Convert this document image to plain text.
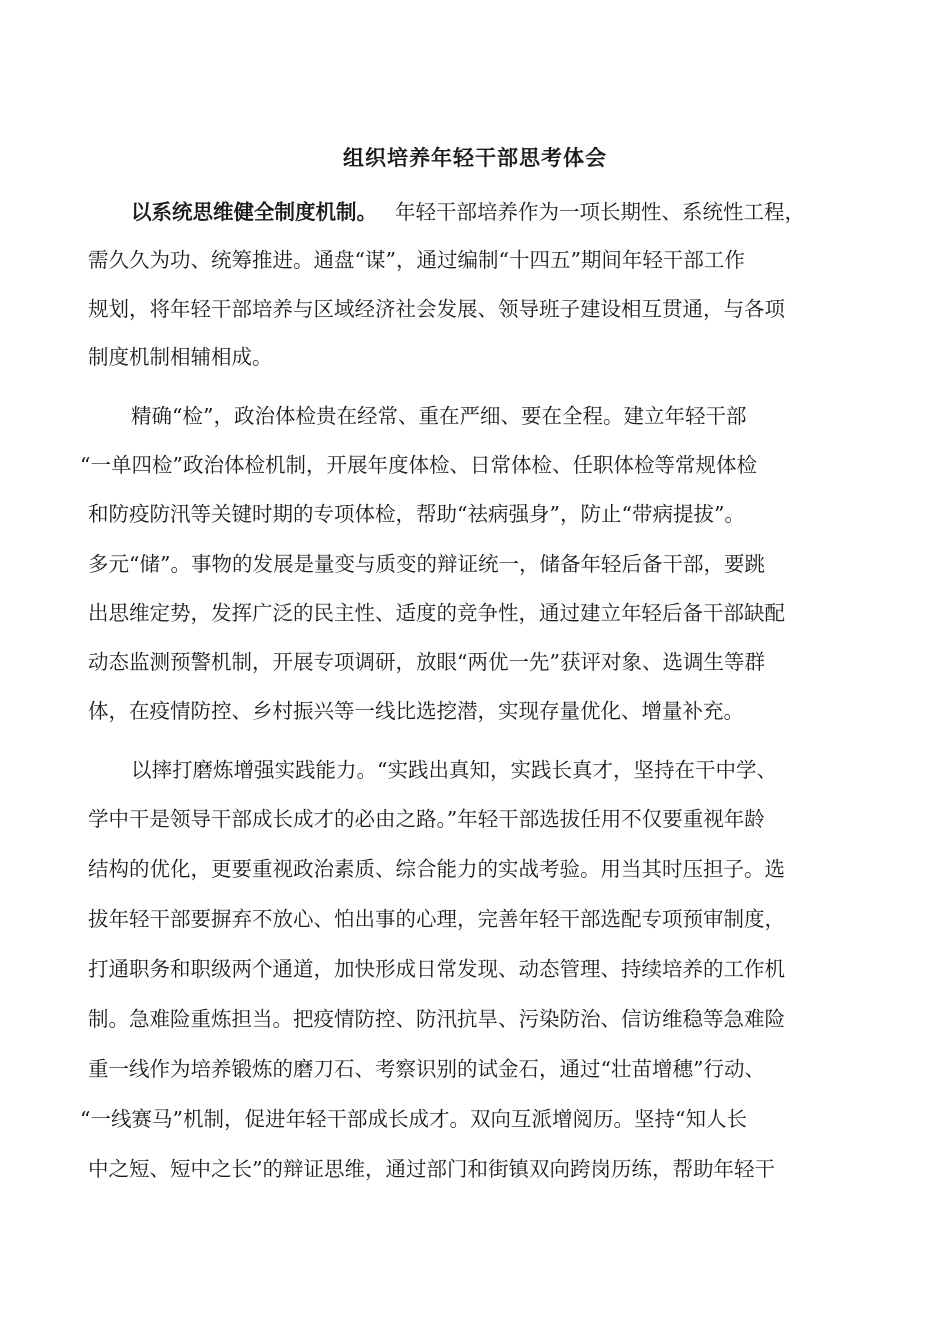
组织培养年轻干部思考体会
以系统思维健全制度机制。 年轻干部培养作为一项长期性、系统性工程，
需久久为功、统筹推进。通盘“谋”，通过编制“十四五”期间年轻干部工作
规划，将年轻干部培养与区域经济社会发展、领导班子建设相互贯通，与各项
制度机制相辅相成。
精确“检”，政治体检贵在经常、重在严细、要在全程。建立年轻干部
“一单四检”政治体检机制，开展年度体检、日常体检、任职体检等常规体检
和防疫防汛等关键时期的专项体检，帮助“祛病强身”，防止“带病提拔”。
多元“储”。事物的发展是量变与质变的辩证统一，储备年轻后备干部，要跳
出思维定势，发挥广泛的民主性、适度的竞争性，通过建立年轻后备干部缺配
动态监测预警机制，开展专项调研，放眼“两优一先”获评对象、选调生等群
体，在疫情防控、乡村振兴等一线比选挖潜，实现存量优化、增量补充。
以摔打磨炼增强实践能力。“实践出真知，实践长真才，坚持在干中学、
学中干是领导干部成长成才的必由之路。”年轻干部选拔任用不仅要重视年龄
结构的优化，更要重视政治素质、综合能力的实战考验。用当其时压担子。选
拔年轻干部要摒弃不放心、怕出事的心理，完善年轻干部选配专项预审制度，
打通职务和职级两个通道，加快形成日常发现、动态管理、持续培养的工作机
制。急难险重炼担当。把疫情防控、防汛抗旱、污染防治、信访维稳等急难险
重一线作为培养锻炼的磨刀石、考察识别的试金石，通过“壮苗增穗”行动、
“一线赛马”机制，促进年轻干部成长成才。双向互派增阅历。坚持“知人长
中之短、短中之长”的辩证思维，通过部门和街镇双向跨岗历练，帮助年轻干
